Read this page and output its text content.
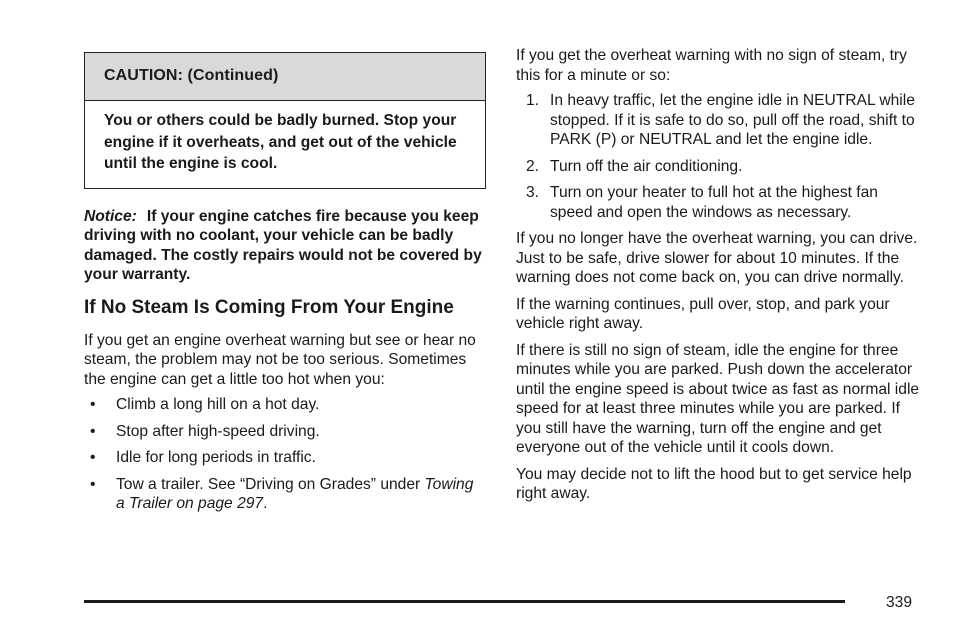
CAUTION: (Continued)
You or others could be badly burned. Stop your engine if it overheats, and get out of the vehicle until the engine is cool.
Notice: If your engine catches fire because you keep driving with no coolant, your vehicle can be badly damaged. The costly repairs would not be covered by your warranty.
If No Steam Is Coming From Your Engine

If you get an engine overheat warning but see or hear no steam, the problem may not be too serious. Sometimes the engine can get a little too hot when you:

• Climb a long hill on a hot day.
• Stop after high-speed driving.
• Idle for long periods in traffic.
• Tow a trailer. See “Driving on Grades” under Towing a Trailer on page 297.

If you get the overheat warning with no sign of steam, try this for a minute or so:

1. In heavy traffic, let the engine idle in NEUTRAL while stopped. If it is safe to do so, pull off the road, shift to PARK (P) or NEUTRAL and let the engine idle.
2. Turn off the air conditioning.
3. Turn on your heater to full hot at the highest fan speed and open the windows as necessary.

If you no longer have the overheat warning, you can drive. Just to be safe, drive slower for about 10 minutes. If the warning does not come back on, you can drive normally.

If the warning continues, pull over, stop, and park your vehicle right away.

If there is still no sign of steam, idle the engine for three minutes while you are parked. Push down the accelerator until the engine speed is about twice as fast as normal idle speed for at least three minutes while you are parked. If you still have the warning, turn off the engine and get everyone out of the vehicle until it cools down.

You may decide not to lift the hood but to get service help right away.

339
